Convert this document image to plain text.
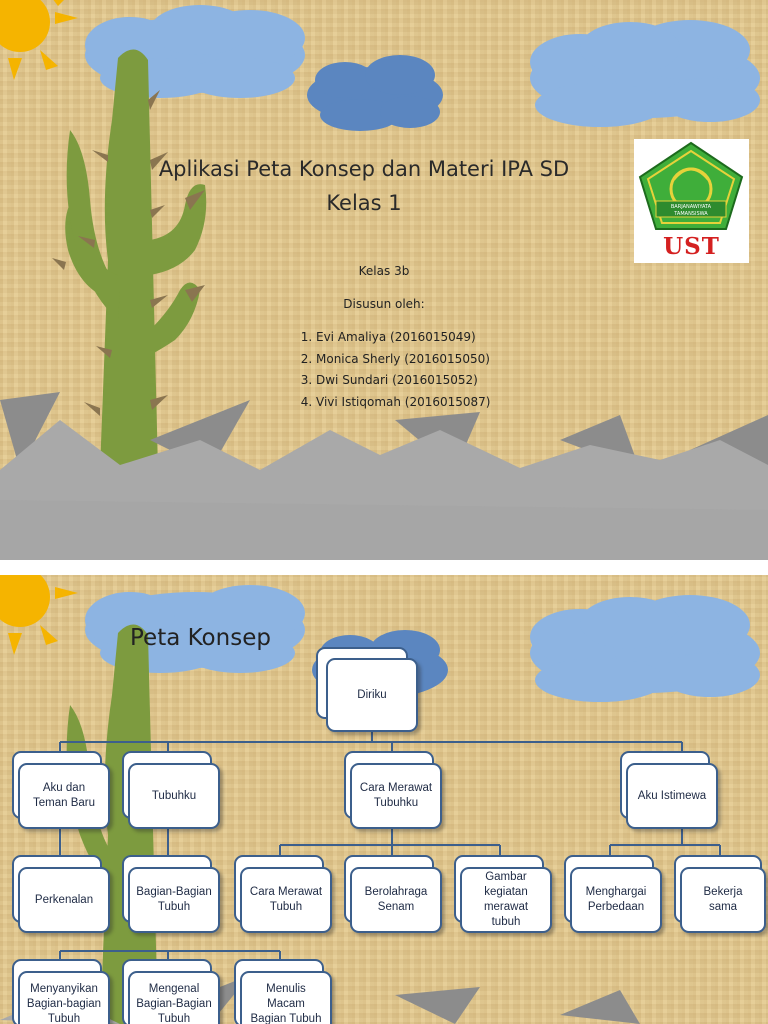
Aplikasi Peta Konsep dan Materi IPA SD
Kelas 1
Kelas 3b
Disusun oleh:
1. Evi Amaliya (2016015049)
2. Monica Sherly (2016015050)
3. Dwi Sundari (2016015052)
4. Vivi Istiqomah (2016015087)
BARJANAWIYATA
TAMANSISWA
UST
Peta Konsep
Diriku
Aku dan Teman Baru
Tubuhku
Cara Merawat Tubuhku
Aku Istimewa
Perkenalan
Bagian-Bagian Tubuh
Cara Merawat Tubuh
Berolahraga Senam
Gambar kegiatan merawat tubuh
Menghargai Perbedaan
Bekerja sama
Menyanyikan Bagian-bagian Tubuh
Mengenal Bagian-Bagian Tubuh
Menulis Macam Bagian Tubuh
